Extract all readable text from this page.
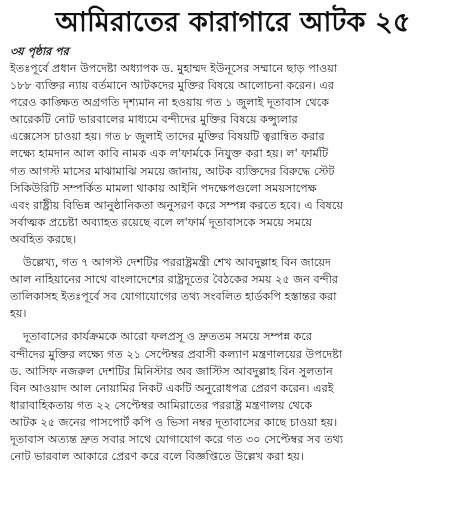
আমিরাতের কারাগারে আটক ২৫
৩য় পৃষ্ঠার পর

ইতঃপূর্বে প্রধান উপদেষ্টা অধ্যাপক ড. মুহাম্মদ ইউনূসের সম্মানে ছাড় পাওয়া
১৮৮ ব্যক্তির ন্যায় বর্তমানে আটকদের মুক্তির বিষয়ে আলোচনা করেন। এর
পরেও কাঙ্ক্ষিত অগ্রগতি দৃশ্যমান না হওয়ায় গত ১ জুলাই দূতাবাস থেকে
আরেকটি নোট ভারবালের মাধ্যমে বন্দীদের মুক্তির বিষয়ে কন্স্যুলার
এক্সেসেস চাওয়া হয়। গত ৮ জুলাই তাদের মুক্তির বিষয়টি ত্বরান্বিত করার
লক্ষ্যে হামদান আল কাবি নামক এক ল'ফার্মকে নিযুক্ত করা হয়। ল' ফার্মটি
গত আগস্ট মাসের মাঝামাঝি সময়ে জানায়, আটক ব্যক্তিদের বিরুদ্ধে স্টেট
সিকিউরিটি সম্পর্কিত মামলা থাকায় আইনি পদক্ষেপগুলো সময়সাপেক্ষ
এবং রাষ্ট্রীয় বিভিন্ন আনুষ্ঠানিকতা অনুসরণ করে সম্পন্ন করতে হবে। এ বিষয়ে
সর্বাত্মক প্রচেষ্টা অব্যাহত রয়েছে বলে ল'ফার্ম দূতাবাসকে সময়ে সময়ে
অবহিত করছে।

উল্লেখ্য, গত ৭ আগস্ট দেশটির পররাষ্ট্রমন্ত্রী শেখ আবদুল্লাহ বিন জায়েদ
আল নাহিয়ানের সাথে বাংলাদেশের রাষ্ট্রদূতের বৈঠকের সময় ২৫ জন বন্দীর
তালিকাসহ ইতঃপূর্বে সব যোগাযোগের তথ্য সংবলিত হার্ডকপি হস্তান্তর করা
হয়।

দূতাবাসের কার্যক্রমকে আরো ফলপ্রসূ ও দ্রুততম সময়ে সম্পন্ন করে
বন্দীদের মুক্তির লক্ষ্যে গত ২১ সেপ্টেম্বর প্রবাসী কল্যাণ মন্ত্রণালয়ের উপদেষ্টা
ড. আসিফ নজরুল দেশটির মিনিস্টার অব জাস্টিস আবদুল্লাহ বিন সুলতান
বিন আওয়াদ আল নোয়ামির নিকট একটি অনুরোধপত্র প্রেরণ করেন। এরই
ধারাবাহিকতায় গত ২২ সেপ্টেম্বর আমিরাতের পররাষ্ট্র মন্ত্রণালয় থেকে
আটক ২৫ জনের পাসপোর্ট কপি ও ভিসা নম্বর দূতাবাসের কাছে চাওয়া হয়।
দূতাবাস অত্যন্ত দ্রুত সবার সাথে যোগাযোগ করে গত ৩০ সেপ্টেম্বর সব তথ্য
নোট ভারবাল আকারে প্রেরণ করে বলে বিজ্ঞপ্তিতে উল্লেখ করা হয়।
